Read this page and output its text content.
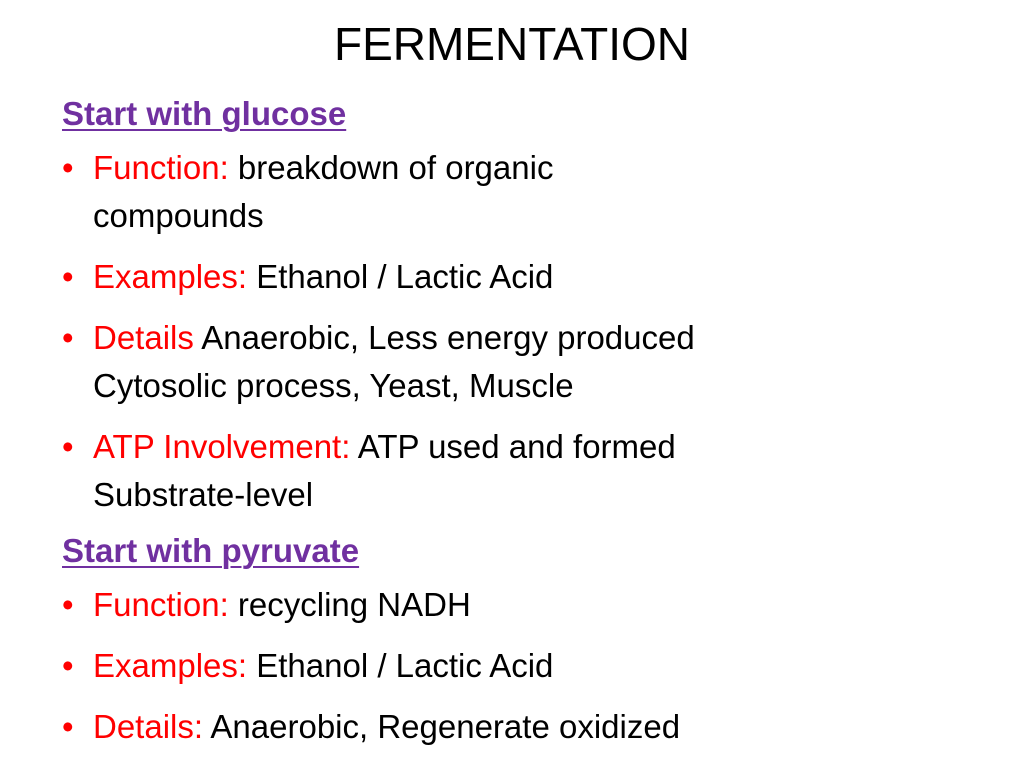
FERMENTATION
Start with glucose
• Function: breakdown of organic
compounds
• Examples: Ethanol / Lactic Acid
• Details Anaerobic, Less energy produced
Cytosolic process, Yeast, Muscle
• ATP Involvement: ATP used and formed
Substrate-level
Start with pyruvate
• Function: recycling NADH
• Examples: Ethanol / Lactic Acid
• Details: Anaerobic, Regenerate oxidized
